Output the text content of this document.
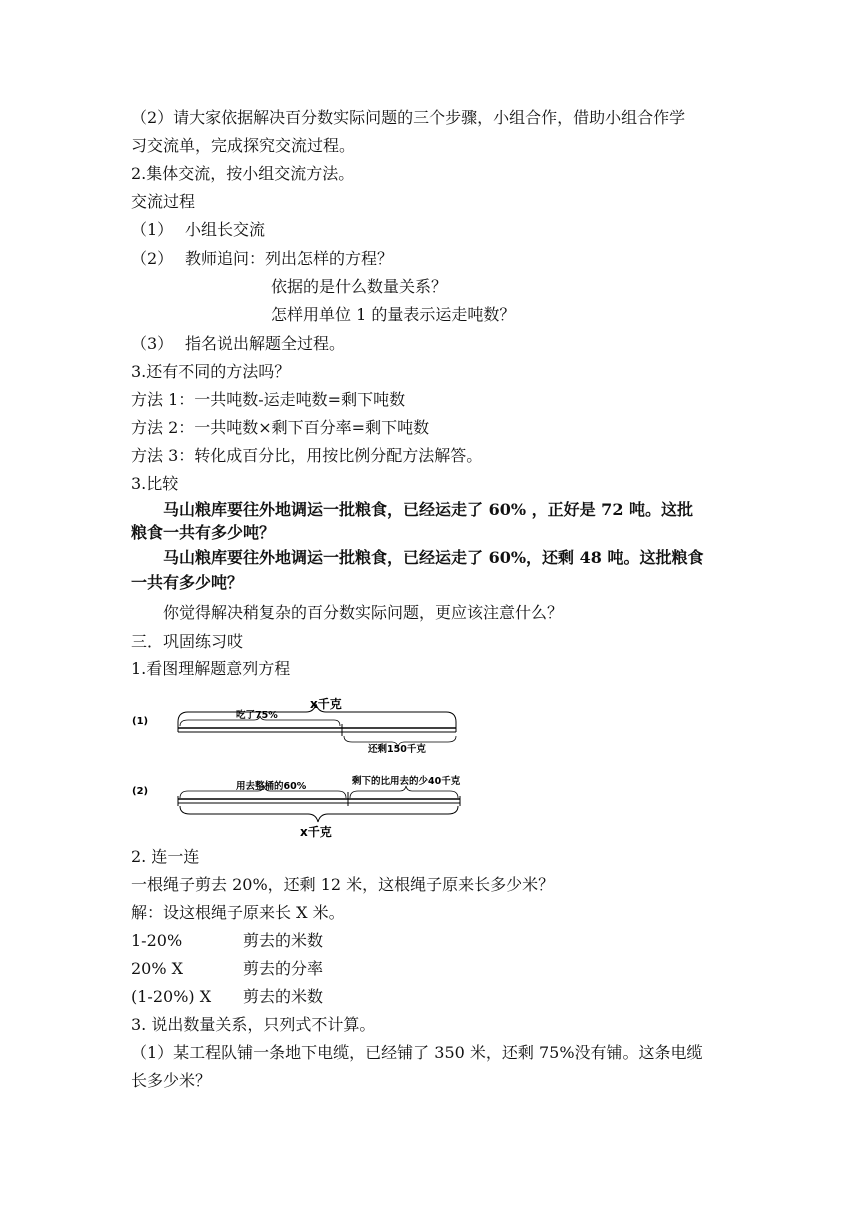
（2）请大家依据解决百分数实际问题的三个步骤，小组合作，借助小组合作学
习交流单，完成探究交流过程。
2.集体交流，按小组交流方法。
交流过程
（1） 小组长交流
（2） 教师追问：列出怎样的方程？
依据的是什么数量关系？
怎样用单位 1 的量表示运走吨数？
（3） 指名说出解题全过程。
3.还有不同的方法吗？
方法 1：一共吨数-运走吨数=剩下吨数
方法 2：一共吨数×剩下百分率=剩下吨数
方法 3：转化成百分比，用按比例分配方法解答。
3.比较
马山粮库要往外地调运一批粮食，已经运走了 60% ，正好是 72 吨。这批
粮食一共有多少吨？
马山粮库要往外地调运一批粮食，已经运走了 60%，还剩 48 吨。这批粮食
一共有多少吨？
你觉得解决稍复杂的百分数实际问题，更应该注意什么？
三．巩固练习哎
1.看图理解题意列方程
(1)
x千克
吃了75%
还剩150千克
(2)	用去整桶的60%	剩下的比用去的少40千克
x千克
2. 连一连
一根绳子剪去 20%，还剩 12 米，这根绳子原来长多少米？
解：设这根绳子原来长 X 米。
1-20%	剪去的米数
20% X	剪去的分率
(1-20%) X 剪去的米数
3. 说出数量关系，只列式不计算。
（1）某工程队铺一条地下电缆，已经铺了 350 米，还剩 75%没有铺。这条电缆
长多少米？
